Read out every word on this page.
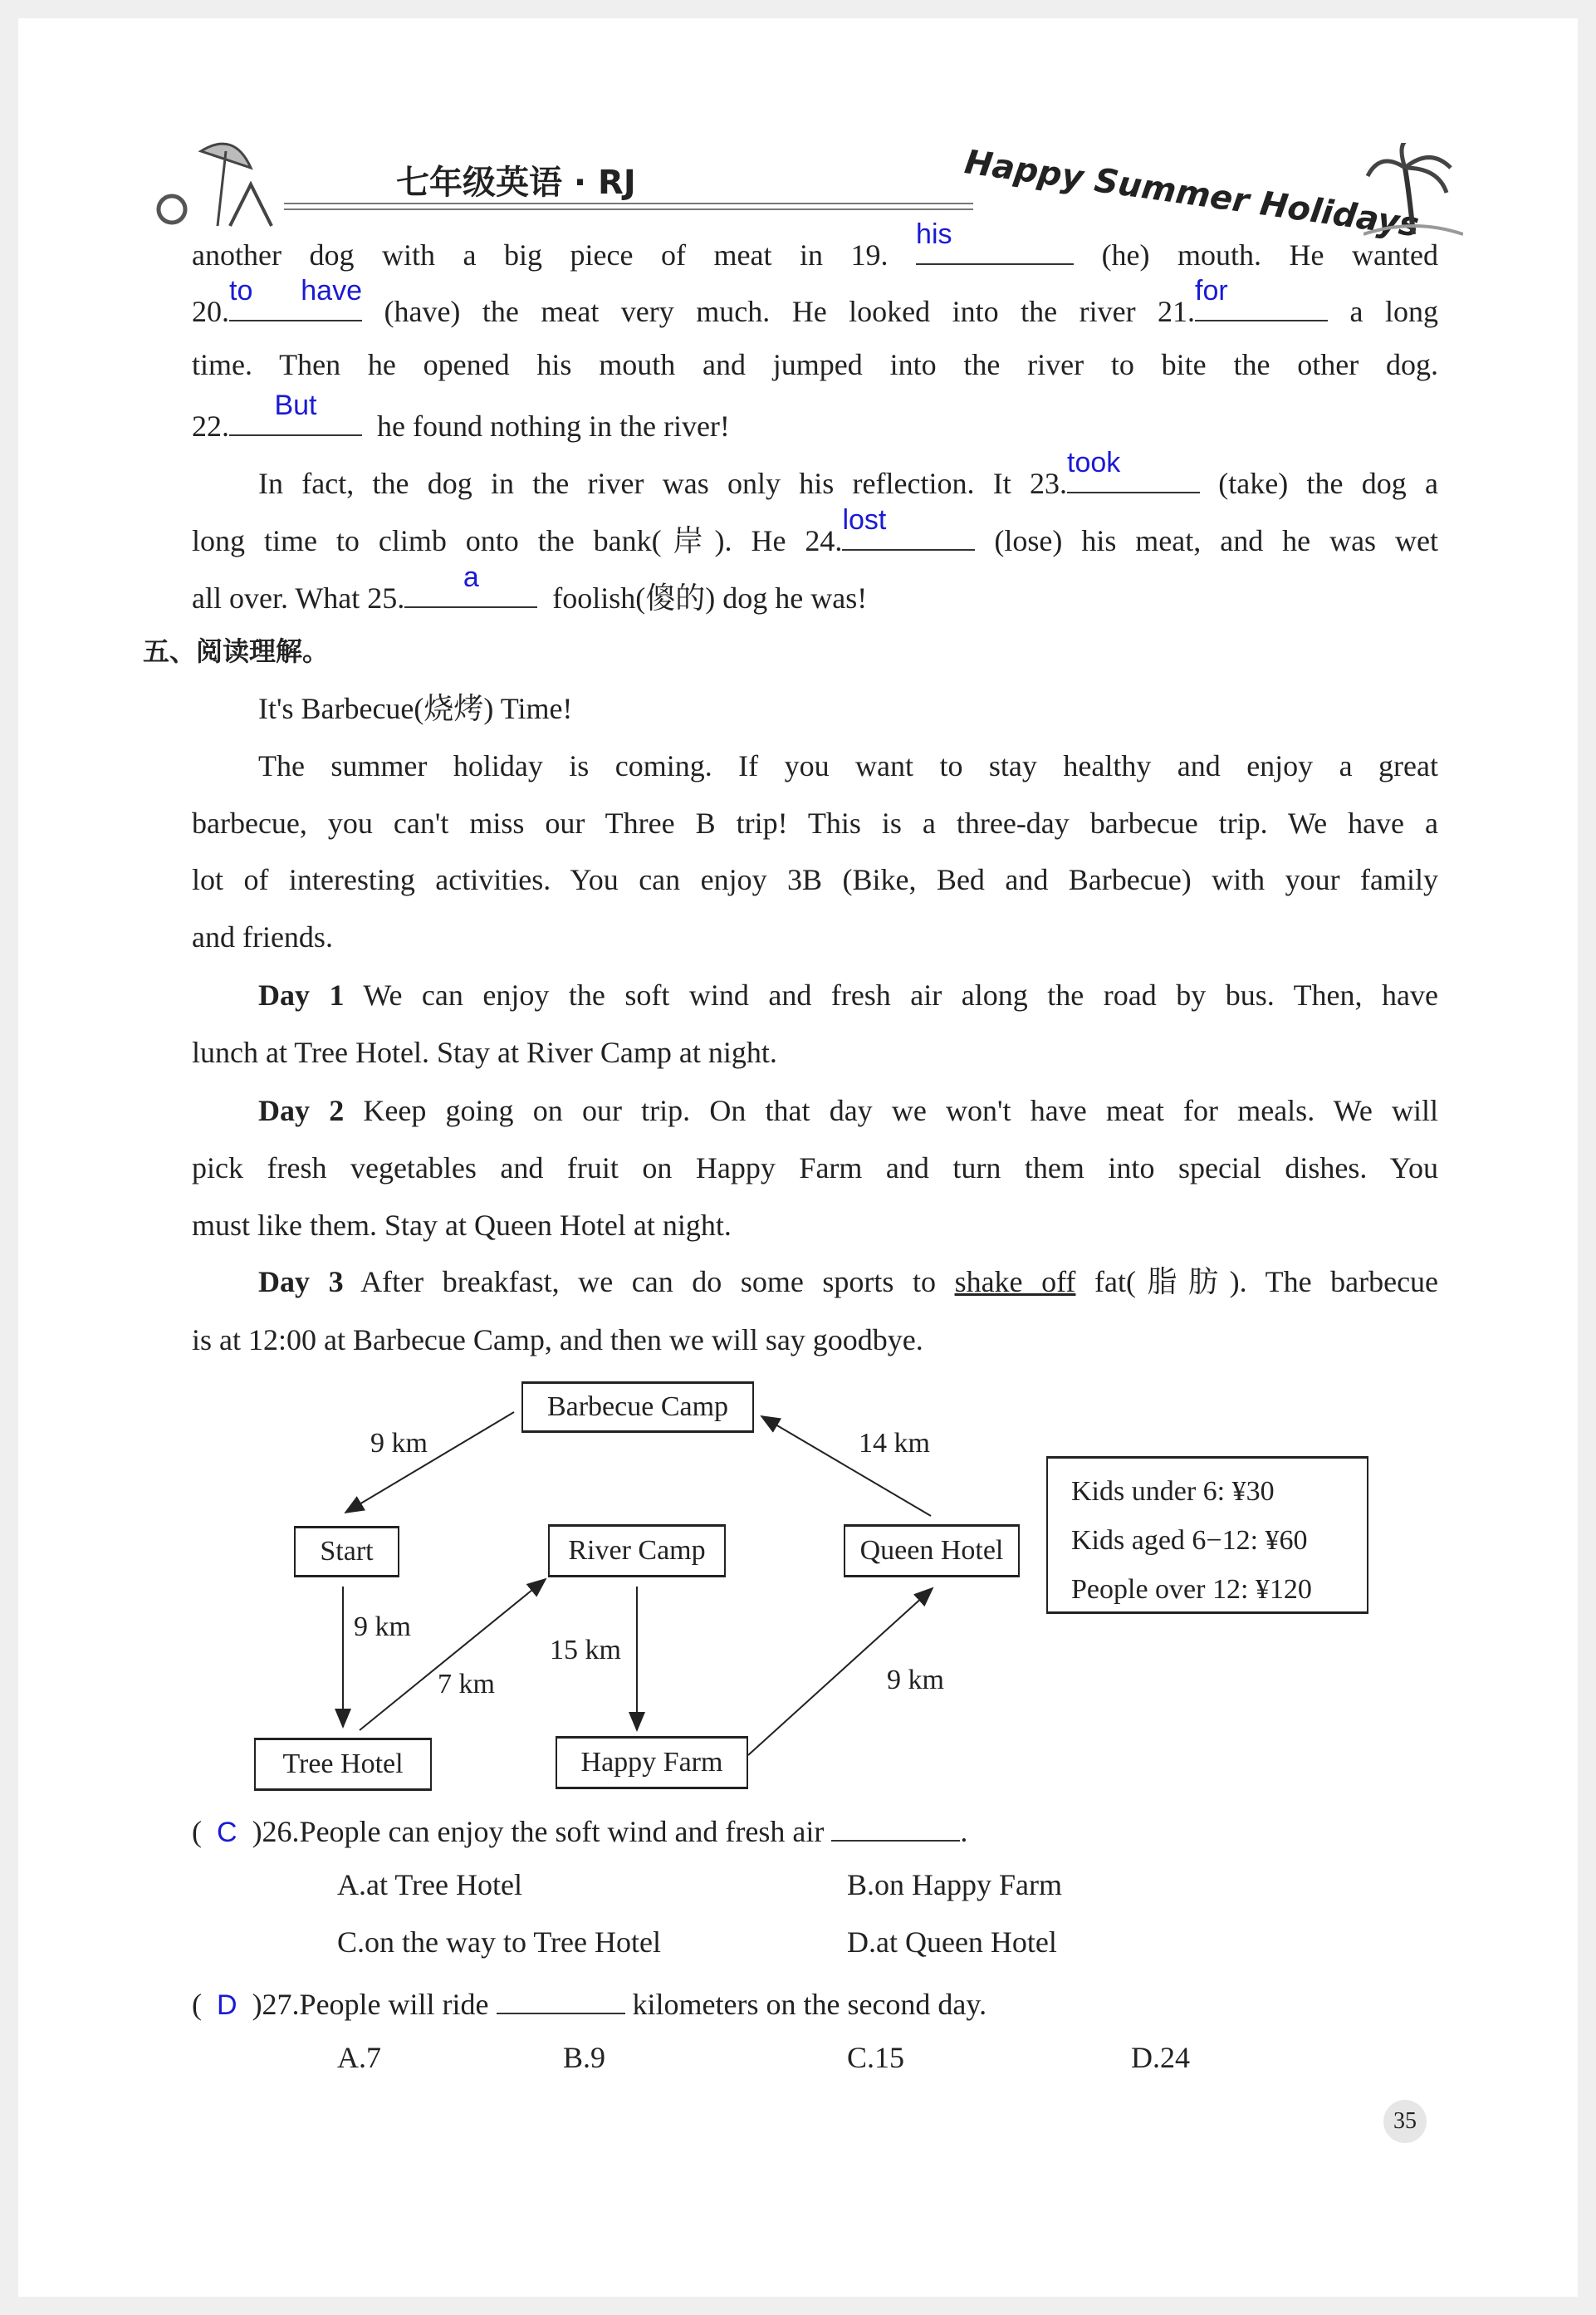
七年级英语 · RJ	Happy Summer Holidays
another dog with a big piece of meat in 19.
his
(he) mouth. He wanted
20.
to have
(have) the meat very much. He looked into the river 21.
for
a long
time. Then he opened his mouth and jumped into the river to bite the other dog.
22.
But
he found nothing in the river!
In fact, the dog in the river was only his reflection. It 23.
took
(take) the dog a
long time to climb onto the bank(岸). He 24.
lost
(lose) his meat, and he was wet
all over. What 25.
a
foolish(傻的) dog he was!
五、阅读理解。
It's Barbecue(烧烤) Time!
The summer holiday is coming. If you want to stay healthy and enjoy a great
barbecue, you can't miss our Three B trip! This is a three-day barbecue trip. We have a
lot of interesting activities. You can enjoy 3B (Bike, Bed and Barbecue) with your family
and friends.
Day 1 We can enjoy the soft wind and fresh air along the road by bus. Then, have
lunch at Tree Hotel. Stay at River Camp at night.
Day 2 Keep going on our trip. On that day we won't have meat for meals. We will
pick fresh vegetables and fruit on Happy Farm and turn them into special dishes. You
must like them. Stay at Queen Hotel at night.
Day 3 After breakfast, we can do some sports to shake off fat(脂肪). The barbecue
is at 12:00 at Barbecue Camp, and then we will say goodbye.
Barbecue Camp
Start	River Camp	Queen Hotel
Tree Hotel	Happy Farm
9 km	14 km
9 km
7 km
15 km
9 km
Kids under 6: ¥30
Kids aged 6−12: ¥60
People over 12: ¥120
(  C )26.People can enjoy the soft wind and fresh air	.
A.at Tree Hotel	B.on Happy Farm
C.on the way to Tree Hotel	D.at Queen Hotel
(  D )27.People will ride	kilometers on the second day.
A.7	B.9	C.15	D.24
35
